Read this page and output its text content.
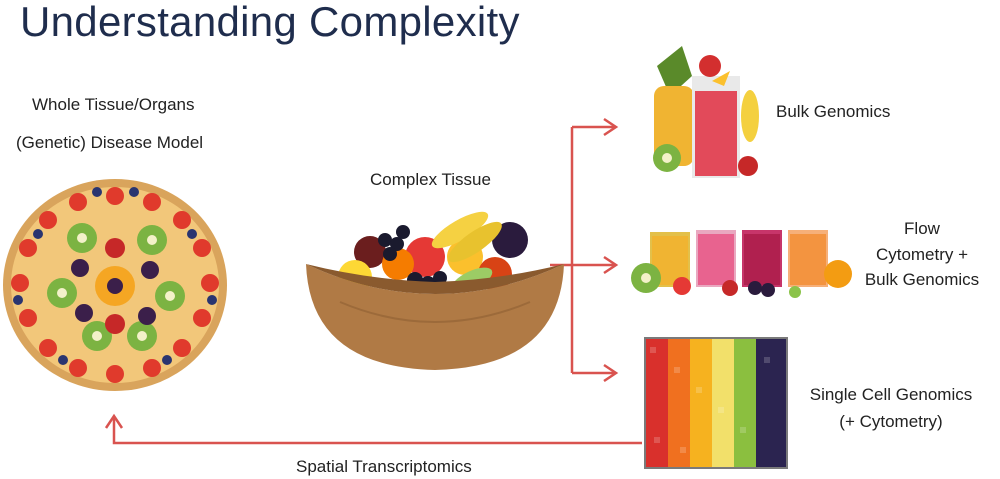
Understanding Complexity
Whole Tissue/Organs
(Genetic) Disease Model
Complex Tissue
Bulk Genomics
Flow
Cytometry +
Bulk Genomics
Single Cell Genomics
(+ Cytometry)
Spatial Transcriptomics
